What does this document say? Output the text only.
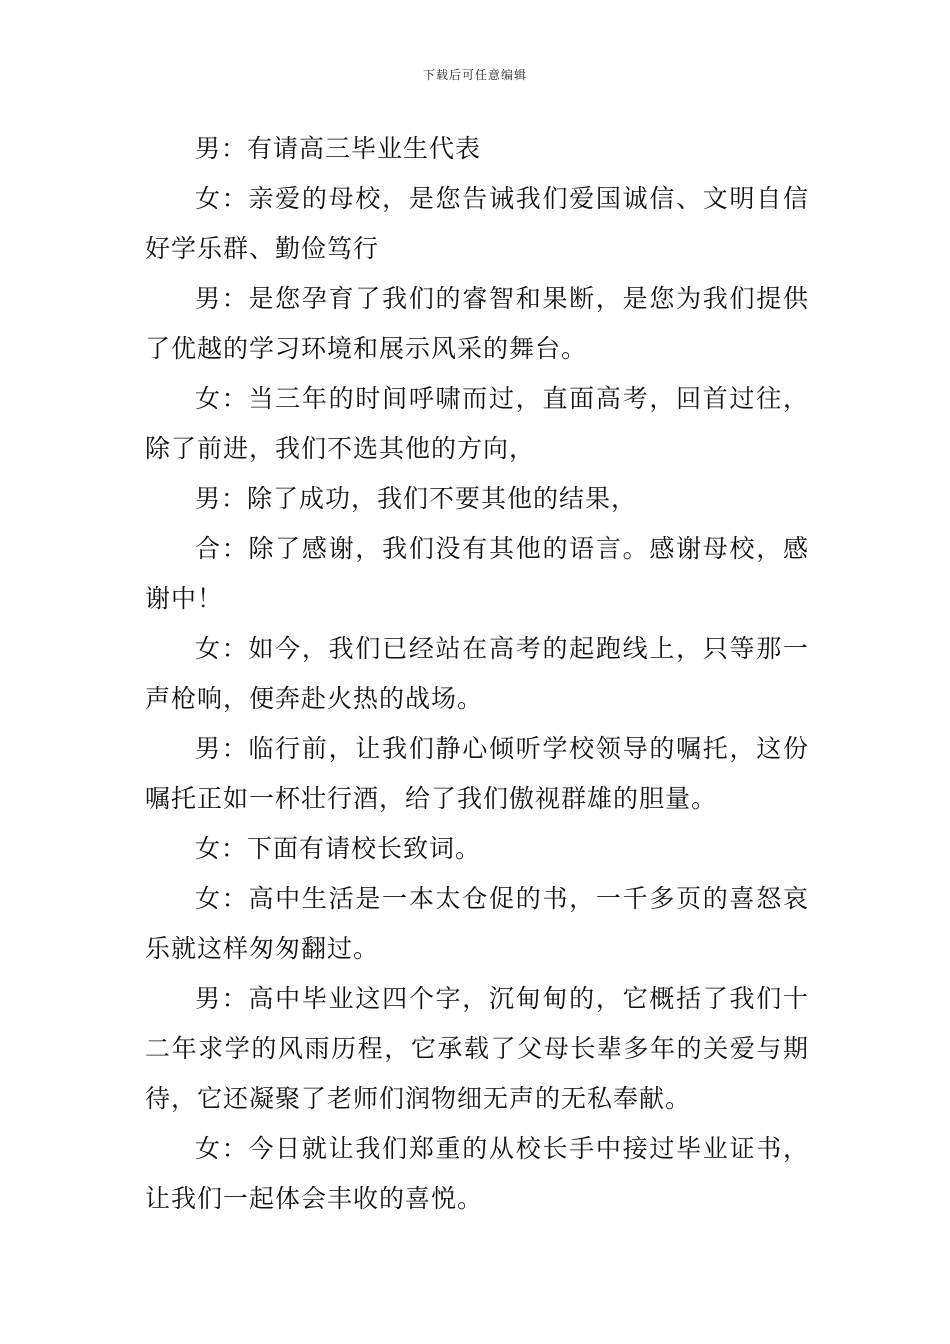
下载后可任意编辑

男：有请高三毕业生代表

女：亲爱的母校，是您告诫我们爱国诚信、文明自信好学乐群、勤俭笃行

男：是您孕育了我们的睿智和果断，是您为我们提供了优越的学习环境和展示风采的舞台。

女：当三年的时间呼啸而过，直面高考，回首过往，除了前进，我们不选其他的方向，

男：除了成功，我们不要其他的结果，

合：除了感谢，我们没有其他的语言。感谢母校，感谢中！

女：如今，我们已经站在高考的起跑线上，只等那一声枪响，便奔赴火热的战场。

男：临行前，让我们静心倾听学校领导的嘱托，这份嘱托正如一杯壮行酒，给了我们傲视群雄的胆量。

女：下面有请校长致词。

女：高中生活是一本太仓促的书，一千多页的喜怒哀乐就这样匆匆翻过。

男：高中毕业这四个字，沉甸甸的，它概括了我们十二年求学的风雨历程，它承载了父母长辈多年的关爱与期待，它还凝聚了老师们润物细无声的无私奉献。

女：今日就让我们郑重的从校长手中接过毕业证书，让我们一起体会丰收的喜悦。
